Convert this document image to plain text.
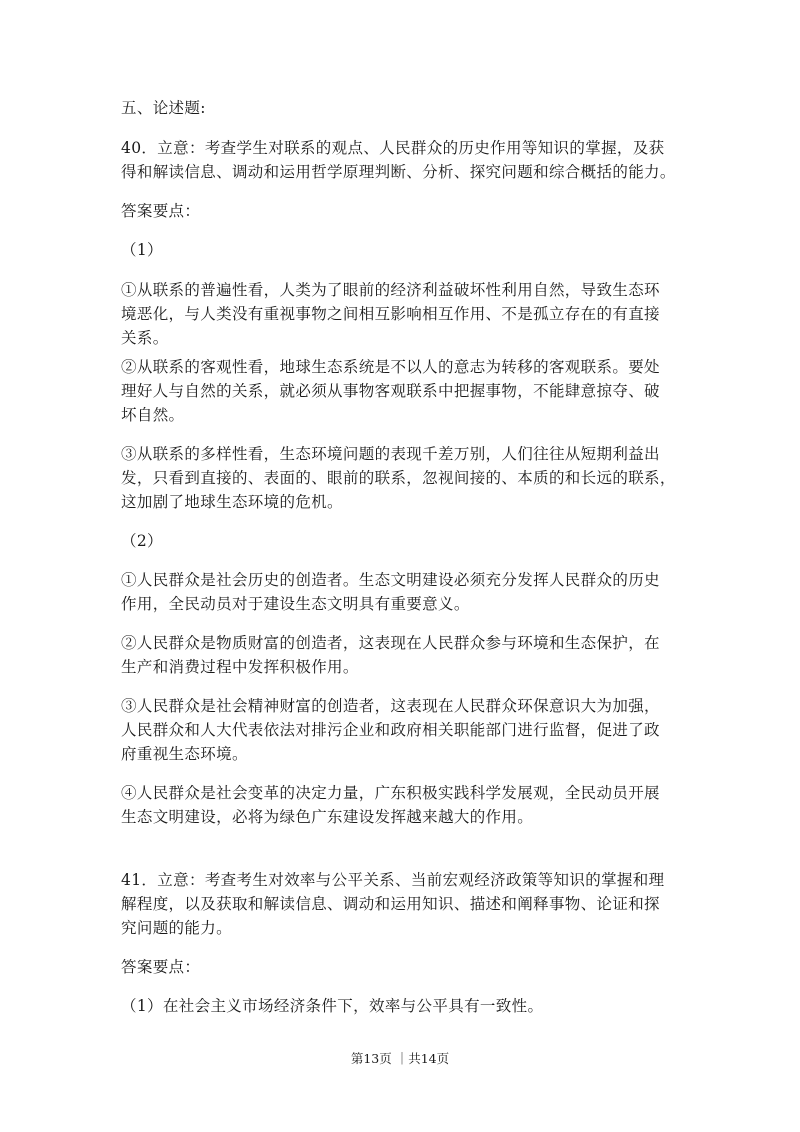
五、论述题:
40．立意：考查学生对联系的观点、人民群众的历史作用等知识的掌握，及获
得和解读信息、调动和运用哲学原理判断、分析、探究问题和综合概括的能力。
答案要点：
（1）
①从联系的普遍性看，人类为了眼前的经济利益破坏性利用自然，导致生态环
境恶化，与人类没有重视事物之间相互影响相互作用、不是孤立存在的有直接
关系。
②从联系的客观性看，地球生态系统是不以人的意志为转移的客观联系。要处
理好人与自然的关系，就必须从事物客观联系中把握事物，不能肆意掠夺、破
坏自然。
③从联系的多样性看，生态环境问题的表现千差万别，人们往往从短期利益出
发，只看到直接的、表面的、眼前的联系，忽视间接的、本质的和长远的联系，
这加剧了地球生态环境的危机。
（2）
①人民群众是社会历史的创造者。生态文明建设必须充分发挥人民群众的历史
作用，全民动员对于建设生态文明具有重要意义。
②人民群众是物质财富的创造者，这表现在人民群众参与环境和生态保护，在
生产和消费过程中发挥积极作用。
③人民群众是社会精神财富的创造者，这表现在人民群众环保意识大为加强，
人民群众和人大代表依法对排污企业和政府相关职能部门进行监督，促进了政
府重视生态环境。
④人民群众是社会变革的决定力量，广东积极实践科学发展观，全民动员开展
生态文明建设，必将为绿色广东建设发挥越来越大的作用。
41．立意：考查考生对效率与公平关系、当前宏观经济政策等知识的掌握和理
解程度，以及获取和解读信息、调动和运用知识、描述和阐释事物、论证和探
究问题的能力。
答案要点：
（1）在社会主义市场经济条件下，效率与公平具有一致性。
第13页 ｜共14页
